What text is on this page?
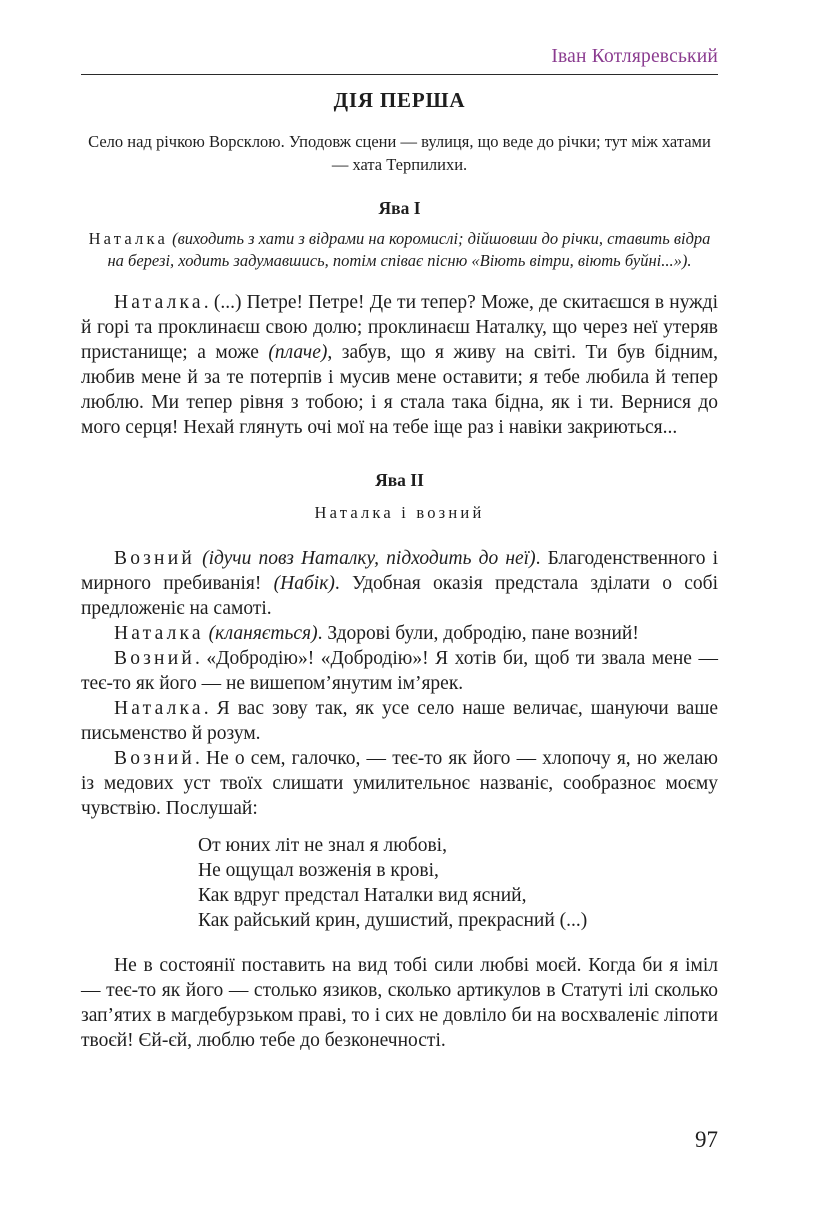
Іван Котляревський
ДІЯ ПЕРША

Село над річкою Ворсклою. Уподовж сцени — вулиця, що веде до річки; тут між хатами — хата Терпилихи.

Ява I

Наталка (виходить з хати з відрами на коромислі; дійшовши до річки, ставить відра на березі, ходить задумавшись, потім співає пісню «Віють вітри, віють буйні...»).

Наталка. (...) Петре! Петре! Де ти тепер? Може, де скитаєшся в нужді й горі та проклинаєш свою долю; проклинаєш Наталку, що через неї утеряв пристанище; а може (плаче), забув, що я живу на світі. Ти був бідним, любив мене й за те потерпів і мусив мене оставити; я тебе любила й тепер люблю. Ми тепер рівня з тобою; і я стала така бідна, як і ти. Вернися до мого серця! Нехай глянуть очі мої на тебе іще раз і навіки закриються...

Ява II

Наталка і возний

Возний (ідучи повз Наталку, підходить до неї). Благоденственного і мирного пребиванія! (Набік). Удобная оказія предстала зділати о собі предложеніє на самоті.

Наталка (кланяється). Здорові були, добродію, пане возний!

Возний. «Добродію»! «Добродію»! Я хотів би, щоб ти звала мене — теє-то як його — не вишепом’янутим ім’ярек.

Наталка. Я вас зову так, як усе село наше величає, шануючи ваше письменство й розум.

Возний. Не о сем, галочко, — теє-то як його — хлопочу я, но желаю із медових уст твоїх слишати умилительноє названіє, сообразноє моєму чувствію. Послушай:

От юних літ не знал я любові,
Не ощущал возженія в крові,
Как вдруг предстал Наталки вид ясний,
Как райський крин, душистий, прекрасний (...)

Не в состоянії поставить на вид тобі сили любві моєй. Когда би я іміл — теє-то як його — столько язиков, сколько артикулов в Статуті ілі сколько зап’ятих в магдебурзьком праві, то і сих не довліло би на восхваленіє ліпоти твоєй! Єй-єй, люблю тебе до безконечності.

97
